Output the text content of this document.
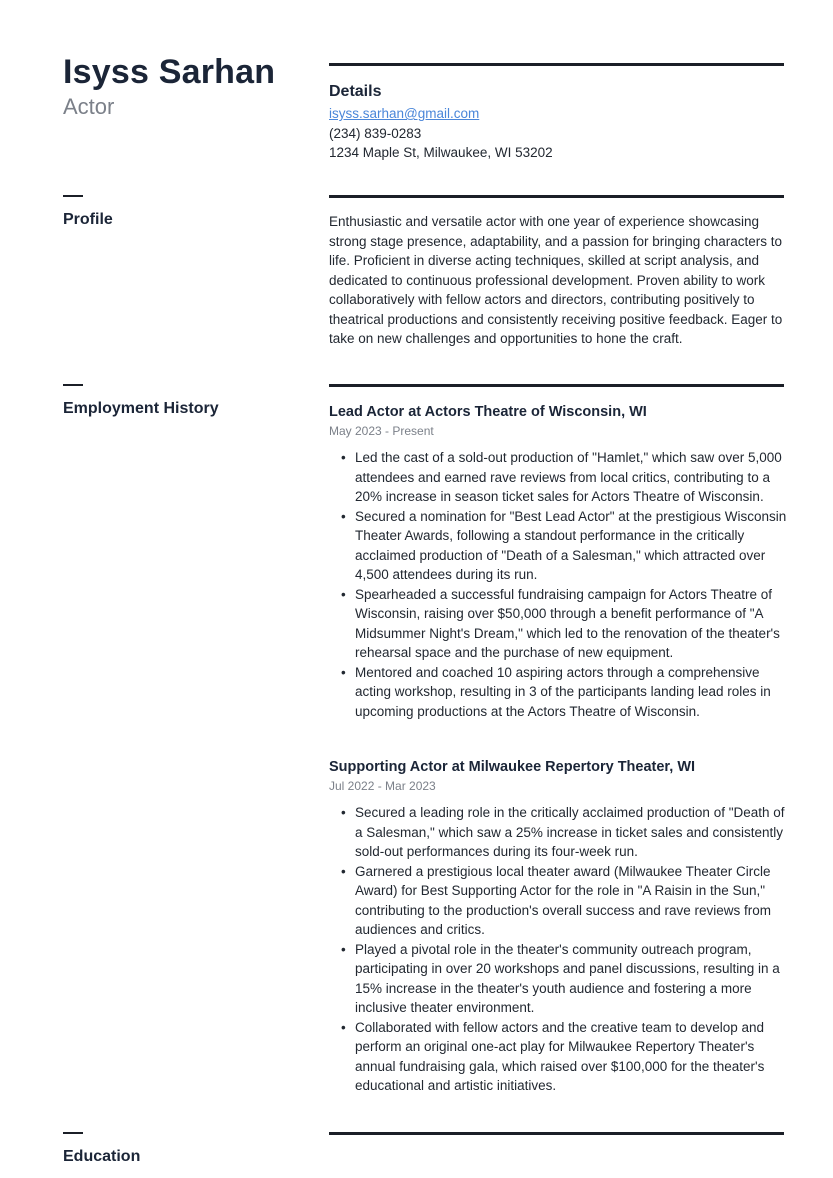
Isyss Sarhan
Actor
Details
isyss.sarhan@gmail.com
(234) 839-0283
1234 Maple St, Milwaukee, WI 53202
Profile	Enthusiastic and versatile actor with one year of experience showcasing strong stage presence, adaptability, and a passion for bringing characters to life. Proficient in diverse acting techniques, skilled at script analysis, and dedicated to continuous professional development. Proven ability to work collaboratively with fellow actors and directors, contributing positively to theatrical productions and consistently receiving positive feedback. Eager to take on new challenges and opportunities to hone the craft.

Employment History	Lead Actor at Actors Theatre of Wisconsin, WI
May 2023 - Present
• Led the cast of a sold-out production of "Hamlet," which saw over 5,000 attendees and earned rave reviews from local critics, contributing to a 20% increase in season ticket sales for Actors Theatre of Wisconsin.
• Secured a nomination for "Best Lead Actor" at the prestigious Wisconsin Theater Awards, following a standout performance in the critically acclaimed production of "Death of a Salesman," which attracted over 4,500 attendees during its run.
• Spearheaded a successful fundraising campaign for Actors Theatre of Wisconsin, raising over $50,000 through a benefit performance of "A Midsummer Night's Dream," which led to the renovation of the theater's rehearsal space and the purchase of new equipment.
• Mentored and coached 10 aspiring actors through a comprehensive acting workshop, resulting in 3 of the participants landing lead roles in upcoming productions at the Actors Theatre of Wisconsin.
Supporting Actor at Milwaukee Repertory Theater, WI
Jul 2022 - Mar 2023
• Secured a leading role in the critically acclaimed production of "Death of a Salesman," which saw a 25% increase in ticket sales and consistently sold-out performances during its four-week run.
• Garnered a prestigious local theater award (Milwaukee Theater Circle Award) for Best Supporting Actor for the role in "A Raisin in the Sun," contributing to the production's overall success and rave reviews from audiences and critics.
• Played a pivotal role in the theater's community outreach program, participating in over 20 workshops and panel discussions, resulting in a 15% increase in the theater's youth audience and fostering a more inclusive theater environment.
• Collaborated with fellow actors and the creative team to develop and perform an original one-act play for Milwaukee Repertory Theater's annual fundraising gala, which raised over $100,000 for the theater's educational and artistic initiatives.
Education
